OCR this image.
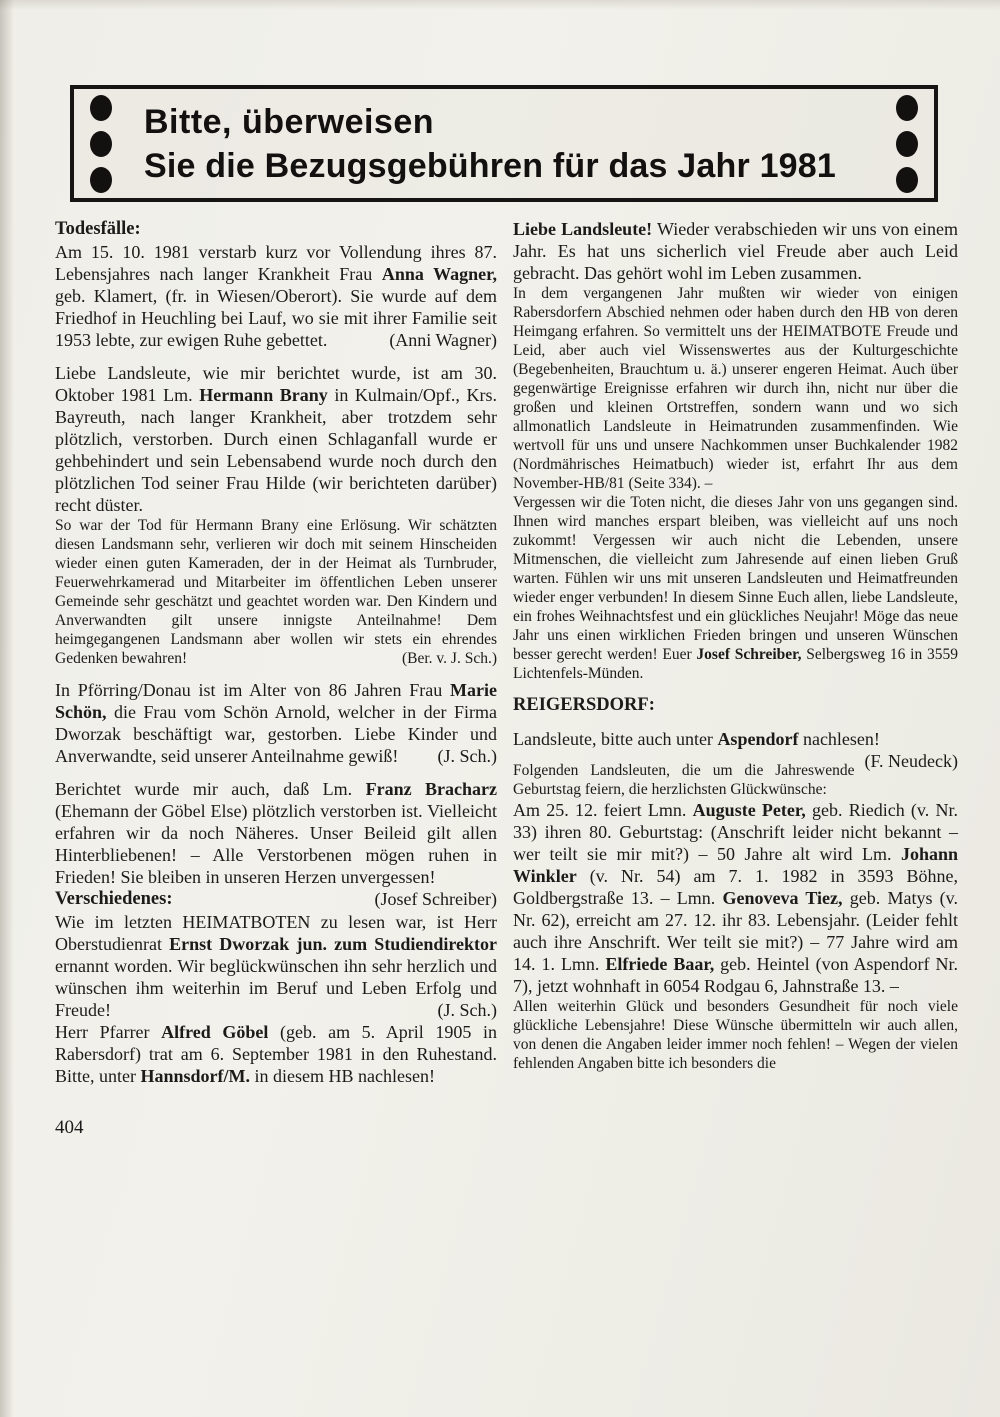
Bitte, überweisen
Sie die Bezugsgebühren für das Jahr 1981
Todesfälle:
Am 15. 10. 1981 verstarb kurz vor Vollendung ihres 87. Lebensjahres nach langer Krankheit Frau Anna Wagner, geb. Klamert, (fr. in Wiesen/Oberort). Sie wurde auf dem Friedhof in Heuchling bei Lauf, wo sie mit ihrer Familie seit 1953 lebte, zur ewigen Ruhe gebettet.	(Anni Wagner)
Liebe Landsleute, wie mir berichtet wurde, ist am 30. Oktober 1981 Lm. Hermann Brany in Kulmain/Opf., Krs. Bayreuth, nach langer Krankheit, aber trotzdem sehr plötzlich, verstorben. Durch einen Schlaganfall wurde er gehbehindert und sein Lebensabend wurde noch durch den plötzlichen Tod seiner Frau Hilde (wir berichteten darüber) recht düster.
So war der Tod für Hermann Brany eine Erlösung. Wir schätzten diesen Landsmann sehr, verlieren wir doch mit seinem Hinscheiden wieder einen guten Kameraden, der in der Heimat als Turnbruder, Feuerwehrkamerad und Mitarbeiter im öffentlichen Leben unserer Gemeinde sehr geschätzt und geachtet worden war. Den Kindern und Anverwandten gilt unsere innigste Anteilnahme! Dem heimgegangenen Landsmann aber wollen wir stets ein ehrendes Gedenken bewahren!	(Ber. v. J. Sch.)
In Pförring/Donau ist im Alter von 86 Jahren Frau Marie Schön, die Frau vom Schön Arnold, welcher in der Firma Dworzak beschäftigt war, gestorben. Liebe Kinder und Anverwandte, seid unserer Anteilnahme gewiß!	(J. Sch.)
Berichtet wurde mir auch, daß Lm. Franz Bracharz (Ehemann der Göbel Else) plötzlich verstorben ist. Vielleicht erfahren wir da noch Näheres. Unser Beileid gilt allen Hinterbliebenen! – Alle Verstorbenen mögen ruhen in Frieden! Sie bleiben in unseren Herzen unvergessen!
(Josef Schreiber)
Verschiedenes:
Wie im letzten HEIMATBOTEN zu lesen war, ist Herr Oberstudienrat Ernst Dworzak jun. zum Studiendirektor ernannt worden. Wir beglückwünschen ihn sehr herzlich und wünschen ihm weiterhin im Beruf und Leben Erfolg und Freude!	(J. Sch.)
Herr Pfarrer Alfred Göbel (geb. am 5. April 1905 in Rabersdorf) trat am 6. September 1981 in den Ruhestand. Bitte, unter Hannsdorf/M. in diesem HB nachlesen!
404
Liebe Landsleute! Wieder verabschieden wir uns von einem Jahr. Es hat uns sicherlich viel Freude aber auch Leid gebracht. Das gehört wohl im Leben zusammen.
In dem vergangenen Jahr mußten wir wieder von einigen Rabersdorfern Abschied nehmen oder haben durch den HB von deren Heimgang erfahren. So vermittelt uns der HEIMATBOTE Freude und Leid, aber auch viel Wissenswertes aus der Kulturgeschichte (Begebenheiten, Brauchtum u. ä.) unserer engeren Heimat. Auch über gegenwärtige Ereignisse erfahren wir durch ihn, nicht nur über die großen und kleinen Ortstreffen, sondern wann und wo sich allmonatlich Landsleute in Heimatrunden zusammenfinden. Wie wertvoll für uns und unsere Nachkommen unser Buchkalender 1982 (Nordmährisches Heimatbuch) wieder ist, erfahrt Ihr aus dem November-HB/81 (Seite 334). –
Vergessen wir die Toten nicht, die dieses Jahr von uns gegangen sind. Ihnen wird manches erspart bleiben, was vielleicht auf uns noch zukommt! Vergessen wir auch nicht die Lebenden, unsere Mitmenschen, die vielleicht zum Jahresende auf einen lieben Gruß warten. Fühlen wir uns mit unseren Landsleuten und Heimatfreunden wieder enger verbunden! In diesem Sinne Euch allen, liebe Landsleute, ein frohes Weihnachtsfest und ein glückliches Neujahr! Möge das neue Jahr uns einen wirklichen Frieden bringen und unseren Wünschen besser gerecht werden! Euer Josef Schreiber, Selbergsweg 16 in 3559 Lichtenfels-Münden.
REIGERSDORF:
Landsleute, bitte auch unter Aspendorf nachlesen!
(F. Neudeck)
Folgenden Landsleuten, die um die Jahreswende Geburtstag feiern, die herzlichsten Glückwünsche:
Am 25. 12. feiert Lmn. Auguste Peter, geb. Riedich (v. Nr. 33) ihren 80. Geburtstag: (Anschrift leider nicht bekannt – wer teilt sie mir mit?) – 50 Jahre alt wird Lm. Johann Winkler (v. Nr. 54) am 7. 1. 1982 in 3593 Böhne, Goldbergstraße 13. – Lmn. Genoveva Tiez, geb. Matys (v. Nr. 62), erreicht am 27. 12. ihr 83. Lebensjahr. (Leider fehlt auch ihre Anschrift. Wer teilt sie mit?) – 77 Jahre wird am 14. 1. Lmn. Elfriede Baar, geb. Heintel (von Aspendorf Nr. 7), jetzt wohnhaft in 6054 Rodgau 6, Jahnstraße 13. –
Allen weiterhin Glück und besonders Gesundheit für noch viele glückliche Lebensjahre! Diese Wünsche übermitteln wir auch allen, von denen die Angaben leider immer noch fehlen! – Wegen der vielen fehlenden Angaben bitte ich besonders die
